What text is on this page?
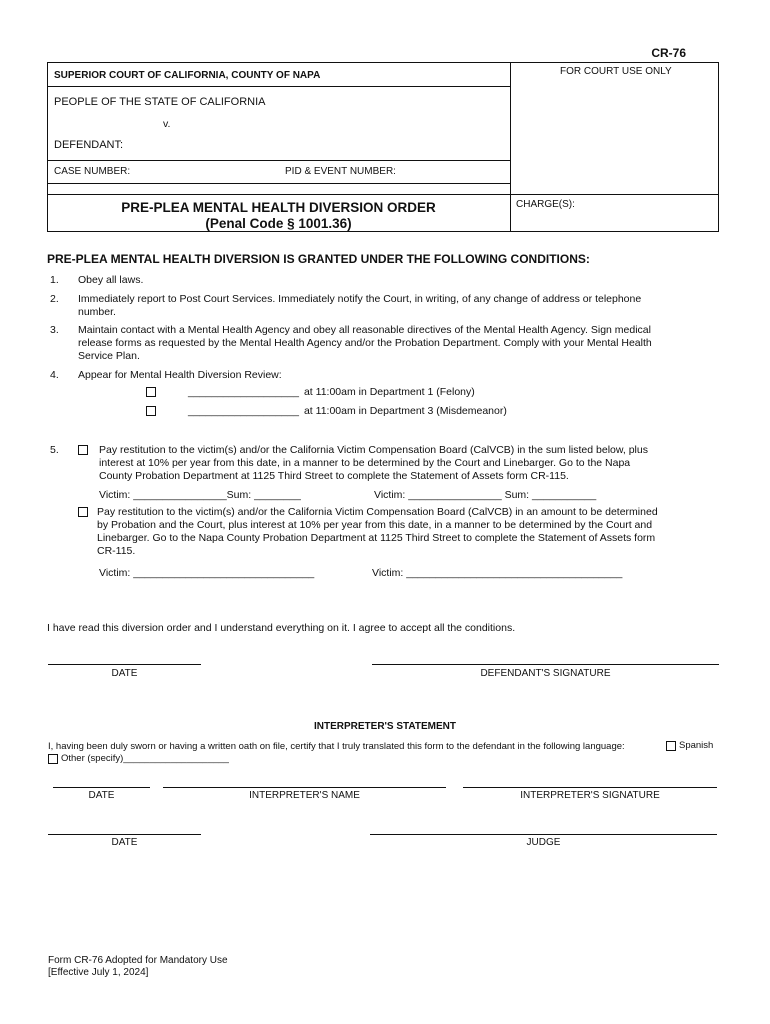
CR-76
SUPERIOR COURT OF CALIFORNIA, COUNTY OF NAPA	FOR COURT USE ONLY
PEOPLE OF THE STATE OF CALIFORNIA
v.
DEFENDANT:
CASE NUMBER:	PID & EVENT NUMBER:
PRE-PLEA MENTAL HEALTH DIVERSION ORDER
(Penal Code § 1001.36)
CHARGE(S):
PRE-PLEA MENTAL HEALTH DIVERSION IS GRANTED UNDER THE FOLLOWING CONDITIONS:
1. Obey all laws.
2. Immediately report to Post Court Services. Immediately notify the Court, in writing, of any change of address or telephone
number.
3. Maintain contact with a Mental Health Agency and obey all reasonable directives of the Mental Health Agency. Sign medical
release forms as requested by the Mental Health Agency and/or the Probation Department. Comply with your Mental Health
Service Plan.
4. Appear for Mental Health Diversion Review:
___________________ at 11:00am in Department 1 (Felony)
___________________ at 11:00am in Department 3 (Misdemeanor)
5.	Pay restitution to the victim(s) and/or the California Victim Compensation Board (CalVCB) in the sum listed below, plus
interest at 10% per year from this date, in a manner to be determined by the Court and Linebarger. Go to the Napa
County Probation Department at 1125 Third Street to complete the Statement of Assets form CR-115.
Victim: ________________Sum: ________	Victim: ________________ Sum: ___________
Pay restitution to the victim(s) and/or the California Victim Compensation Board (CalVCB) in an amount to be determined
by Probation and the Court, plus interest at 10% per year from this date, in a manner to be determined by the Court and
Linebarger. Go to the Napa County Probation Department at 1125 Third Street to complete the Statement of Assets form
CR-115.
Victim: _______________________________	Victim: _____________________________________
I have read this diversion order and I understand everything on it. I agree to accept all the conditions.
DATE	DEFENDANT'S SIGNATURE
INTERPRETER'S STATEMENT
I, having been duly sworn or having a written oath on file, certify that I truly translated this form to the defendant in the following language:	Spanish
Other (specify)____________________
DATE	INTERPRETER'S NAME	INTERPRETER'S SIGNATURE
DATE	JUDGE
Form CR-76 Adopted for Mandatory Use
[Effective July 1, 2024]
